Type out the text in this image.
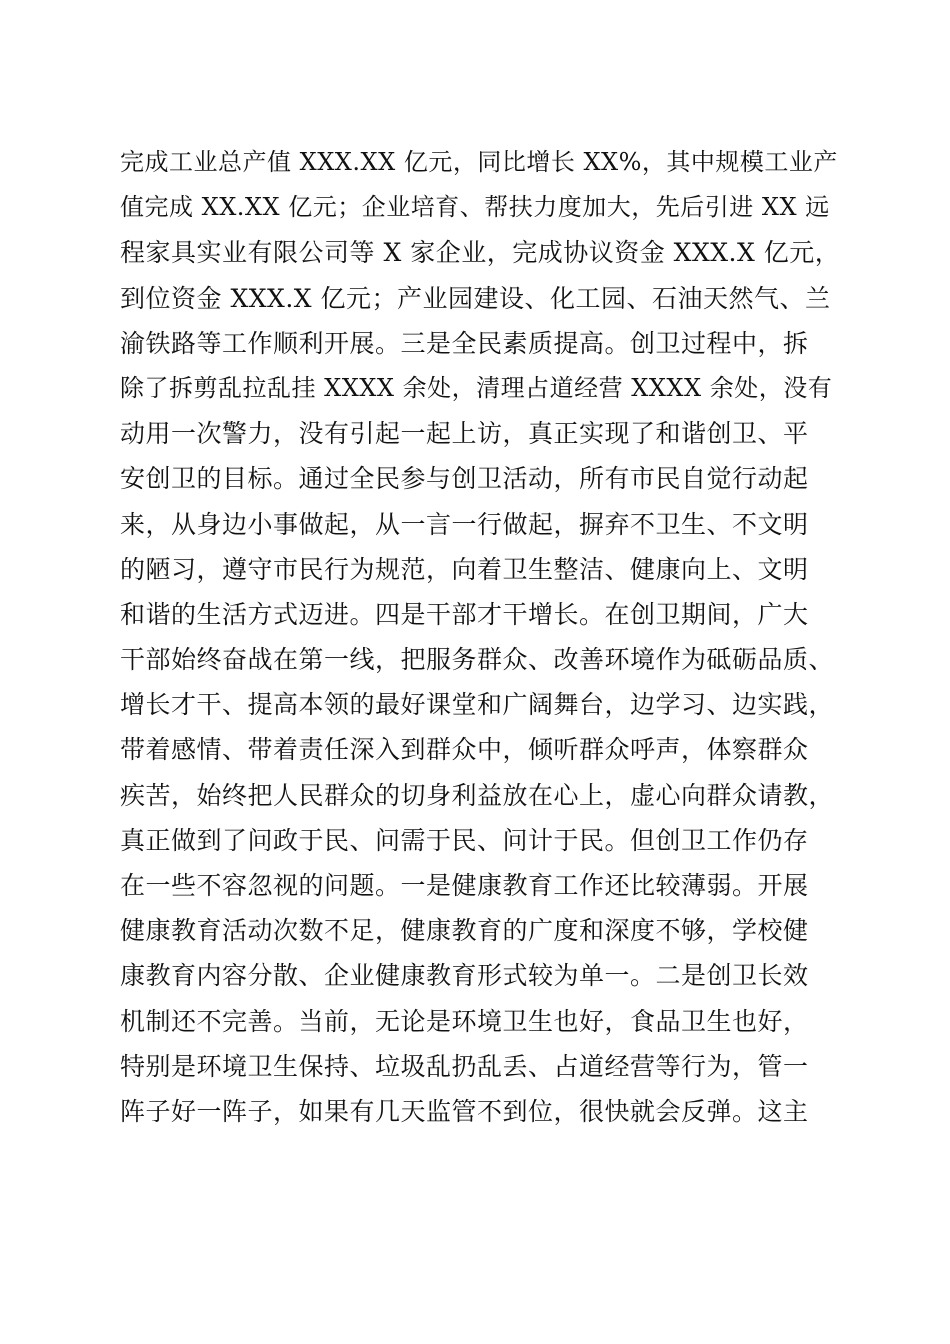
完成工业总产值 XXX.XX 亿元，同比增长 XX%，其中规模工业产
值完成 XX.XX 亿元；企业培育、帮扶力度加大，先后引进 XX 远
程家具实业有限公司等 X 家企业，完成协议资金 XXX.X 亿元，
到位资金 XXX.X 亿元；产业园建设、化工园、石油天然气、兰
渝铁路等工作顺利开展。三是全民素质提高。创卫过程中，拆
除了拆剪乱拉乱挂 XXXX 余处，清理占道经营 XXXX 余处，没有
动用一次警力，没有引起一起上访，真正实现了和谐创卫、平
安创卫的目标。通过全民参与创卫活动，所有市民自觉行动起
来，从身边小事做起，从一言一行做起，摒弃不卫生、不文明
的陋习，遵守市民行为规范，向着卫生整洁、健康向上、文明
和谐的生活方式迈进。四是干部才干增长。在创卫期间，广大
干部始终奋战在第一线，把服务群众、改善环境作为砥砺品质、
增长才干、提高本领的最好课堂和广阔舞台，边学习、边实践，
带着感情、带着责任深入到群众中，倾听群众呼声，体察群众
疾苦，始终把人民群众的切身利益放在心上，虚心向群众请教，
真正做到了问政于民、问需于民、问计于民。但创卫工作仍存
在一些不容忽视的问题。一是健康教育工作还比较薄弱。开展
健康教育活动次数不足，健康教育的广度和深度不够，学校健
康教育内容分散、企业健康教育形式较为单一。二是创卫长效
机制还不完善。当前，无论是环境卫生也好，食品卫生也好，
特别是环境卫生保持、垃圾乱扔乱丢、占道经营等行为，管一
阵子好一阵子，如果有几天监管不到位，很快就会反弹。这主
